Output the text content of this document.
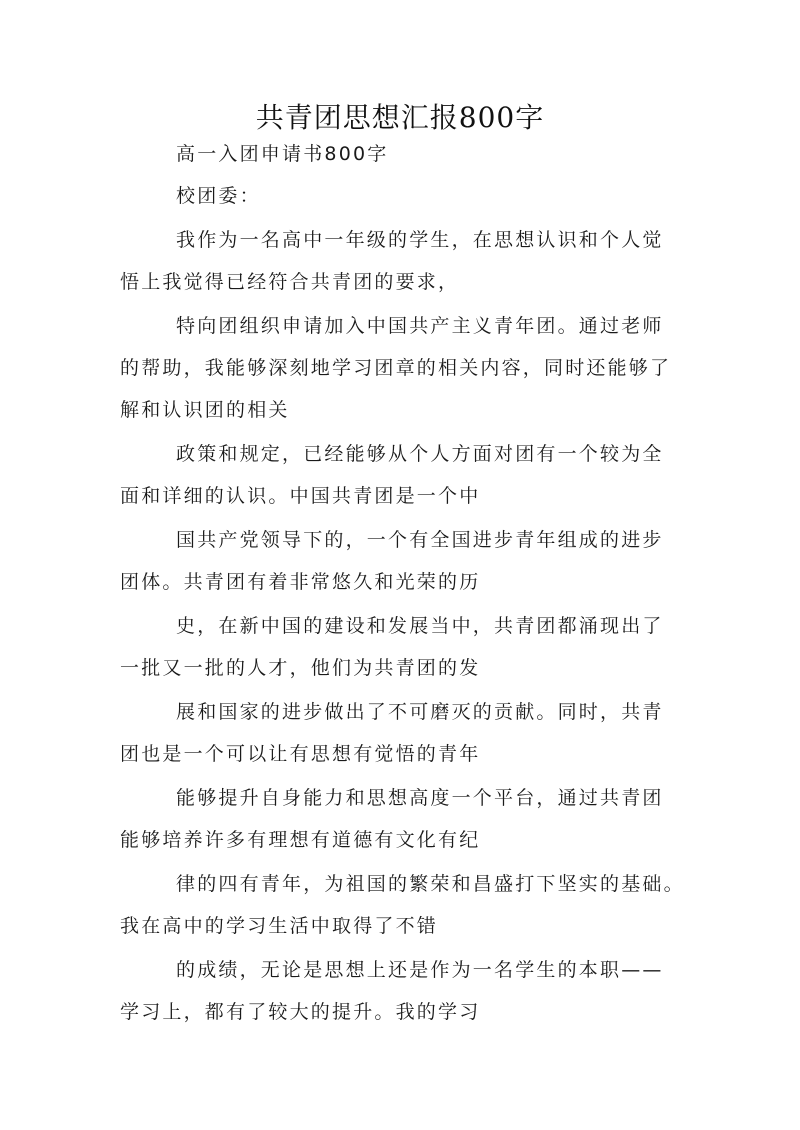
共青团思想汇报800字
高一入团申请书800字
校团委：
我作为一名高中一年级的学生，在思想认识和个人觉
悟上我觉得已经符合共青团的要求，
特向团组织申请加入中国共产主义青年团。通过老师
的帮助，我能够深刻地学习团章的相关内容，同时还能够了
解和认识团的相关
政策和规定，已经能够从个人方面对团有一个较为全
面和详细的认识。中国共青团是一个中
国共产党领导下的，一个有全国进步青年组成的进步
团体。共青团有着非常悠久和光荣的历
史，在新中国的建设和发展当中，共青团都涌现出了
一批又一批的人才，他们为共青团的发
展和国家的进步做出了不可磨灭的贡献。同时，共青
团也是一个可以让有思想有觉悟的青年
能够提升自身能力和思想高度一个平台，通过共青团
能够培养许多有理想有道德有文化有纪
律的四有青年，为祖国的繁荣和昌盛打下坚实的基础。
我在高中的学习生活中取得了不错
的成绩，无论是思想上还是作为一名学生的本职——
学习上，都有了较大的提升。我的学习
